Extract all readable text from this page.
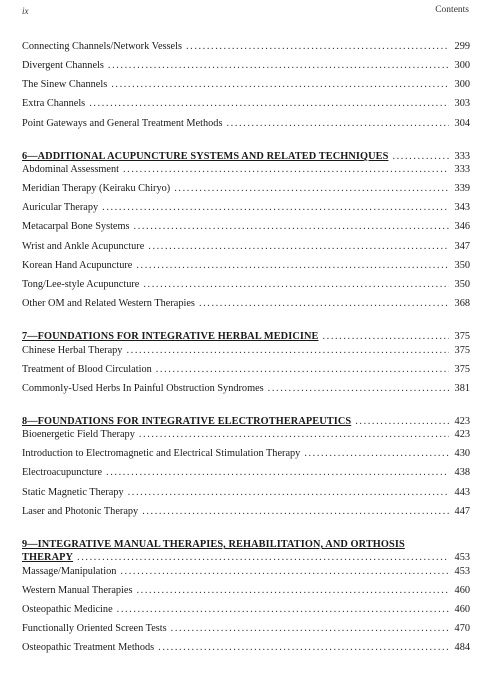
ix	Contents
Connecting Channels/Network Vessels .....	299
Divergent Channels .....	300
The Sinew Channels .....	300
Extra Channels .....	303
Point Gateways and General Treatment Methods .....	304
6—ADDITIONAL ACUPUNCTURE SYSTEMS AND RELATED TECHNIQUES .....	333
Abdominal Assessment .....	333
Meridian Therapy (Keiraku Chiryo) .....	339
Auricular Therapy .....	343
Metacarpal Bone Systems .....	346
Wrist and Ankle Acupuncture .....	347
Korean Hand Acupuncture .....	350
Tong/Lee-style Acupuncture .....	350
Other OM and Related Western Therapies .....	368
7—FOUNDATIONS FOR INTEGRATIVE HERBAL MEDICINE .....	375
Chinese Herbal Therapy .....	375
Treatment of Blood Circulation .....	375
Commonly-Used Herbs In Painful Obstruction Syndromes .....	381
8—FOUNDATIONS FOR INTEGRATIVE ELECTROTHERAPEUTICS .....	423
Bioenergetic Field Therapy .....	423
Introduction to Electromagnetic and Electrical Stimulation Therapy .....	430
Electroacupuncture .....	438
Static Magnetic Therapy .....	443
Laser and Photonic Therapy .....	447
9—INTEGRATIVE MANUAL THERAPIES, REHABILITATION, AND ORTHOSIS
THERAPY .....	453
Massage/Manipulation .....	453
Western Manual Therapies .....	460
Osteopathic Medicine .....	460
Functionally Oriented Screen Tests .....	470
Osteopathic Treatment Methods .....	484
